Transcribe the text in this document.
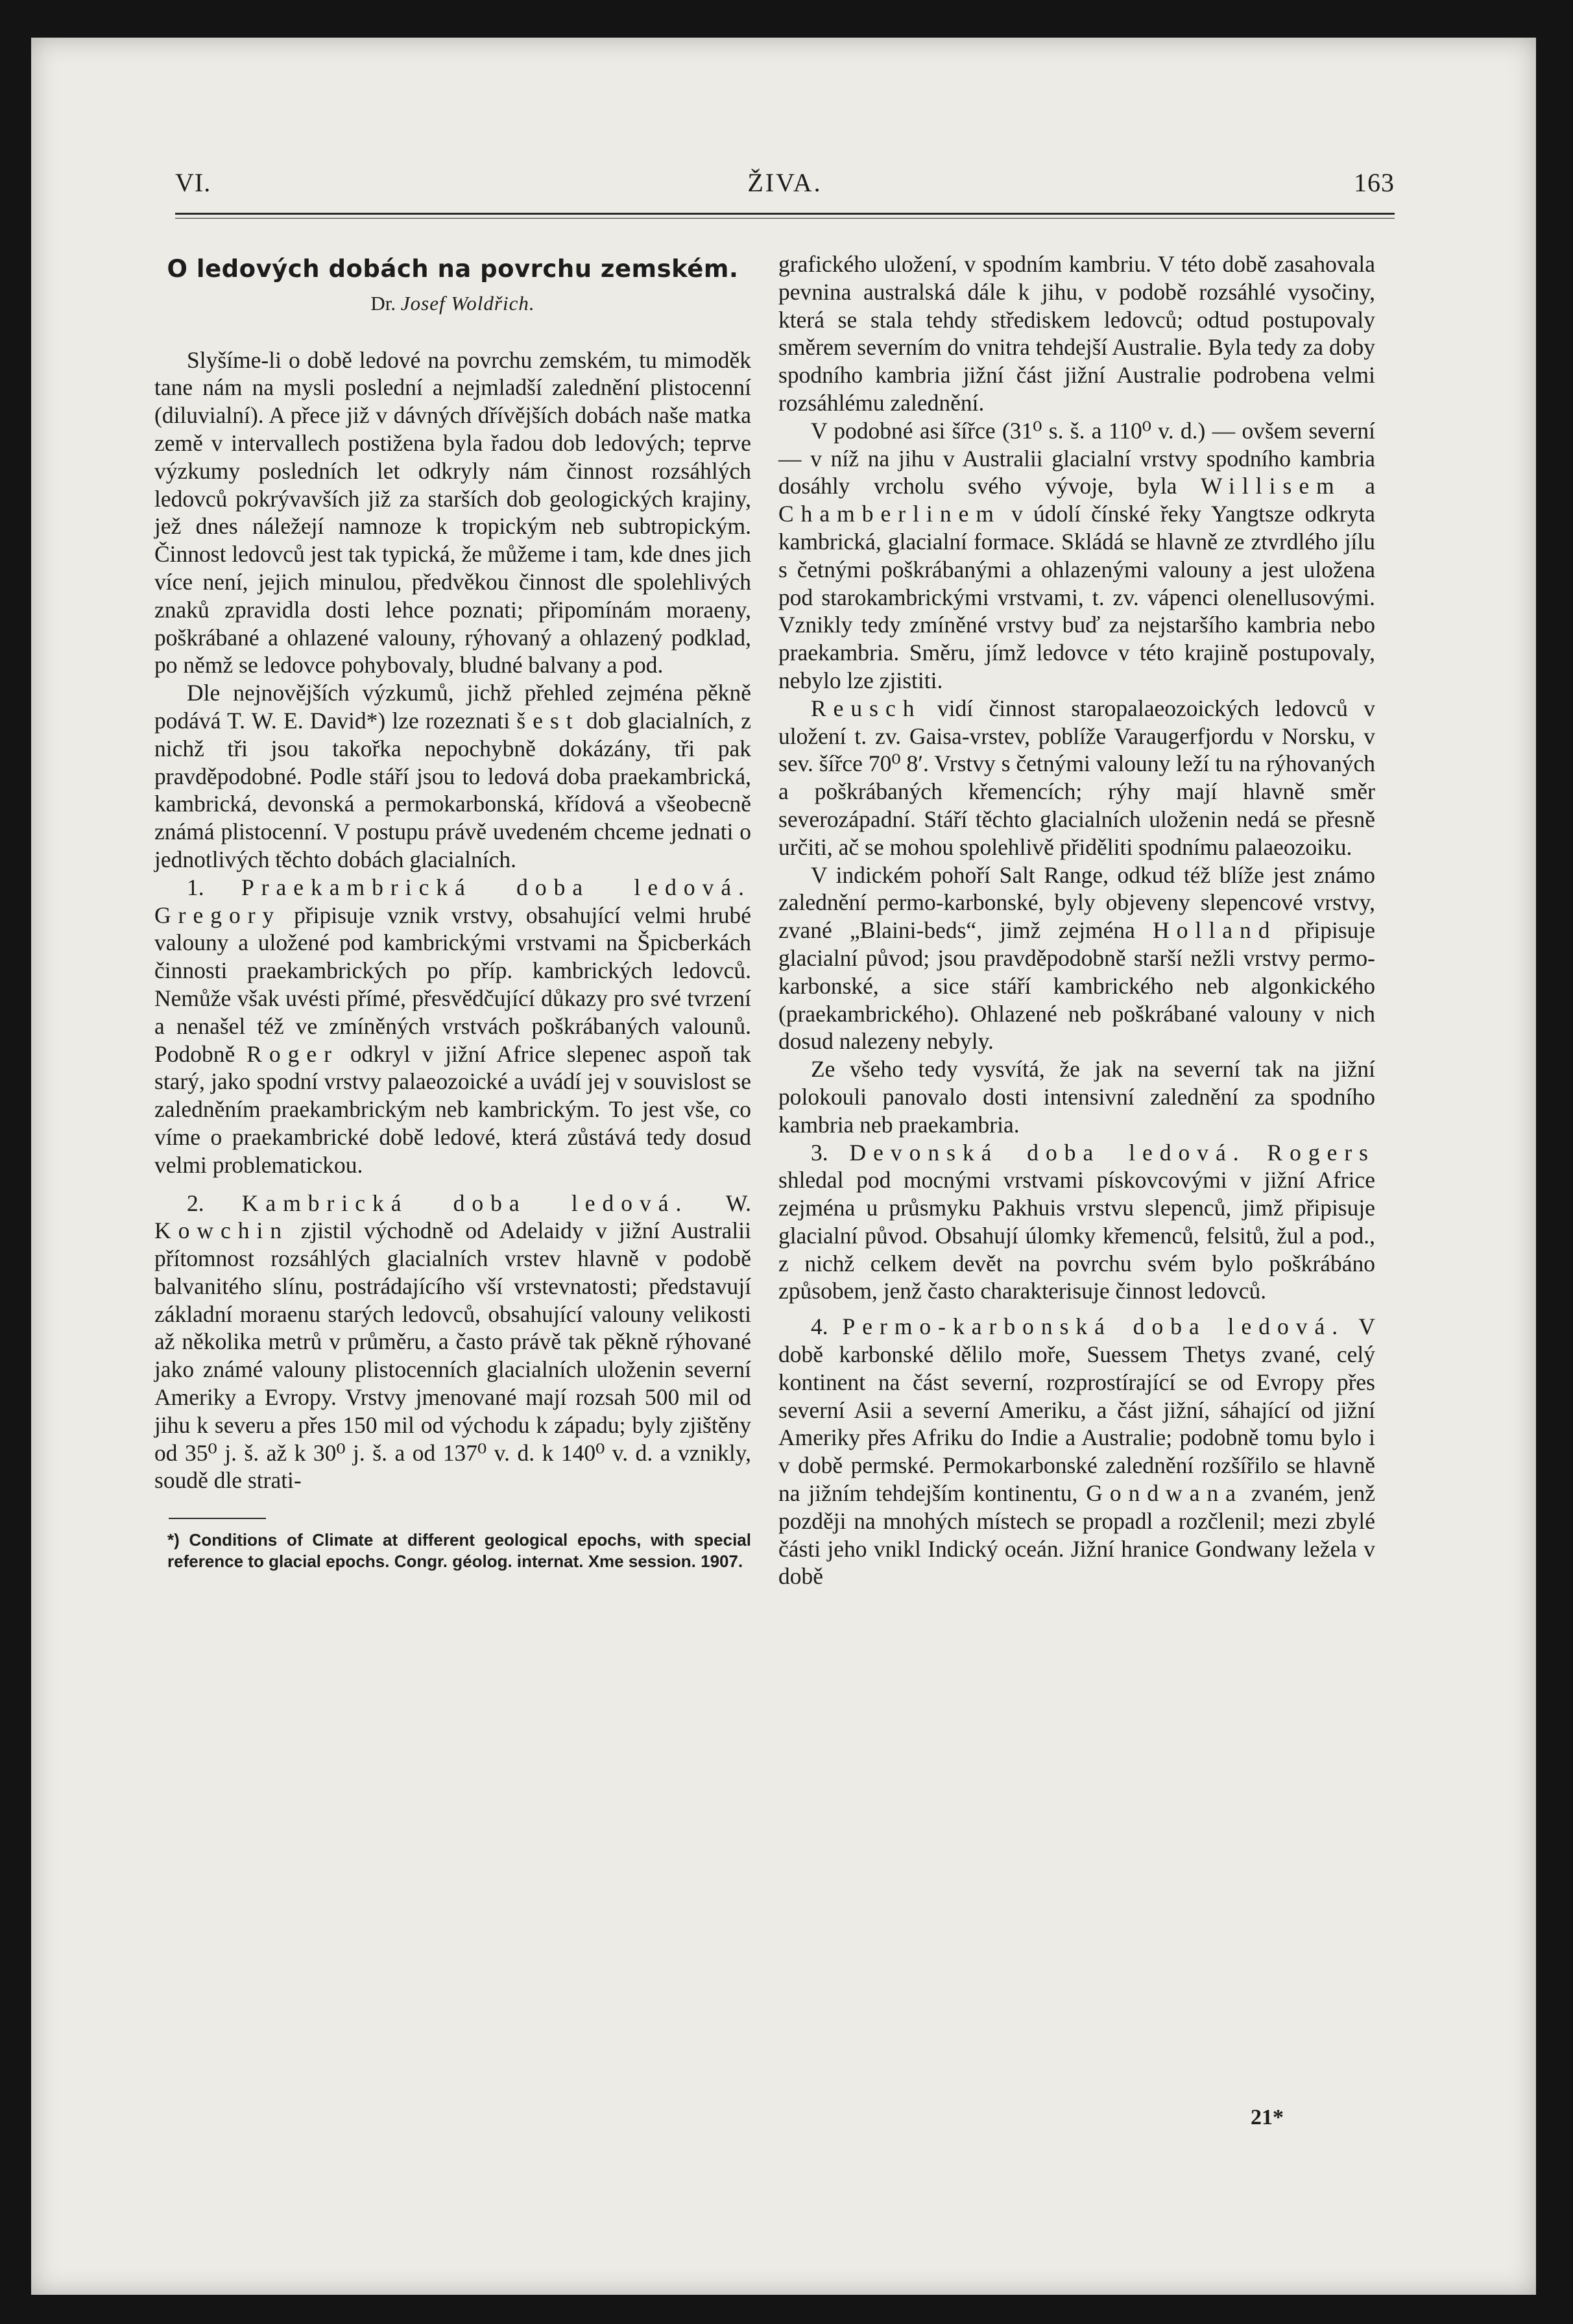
VI.	ŽIVA.	163
O ledových dobách na povrchu zemském.
Dr. Josef Woldřich.

Slyšíme-li o době ledové na povrchu zemském, tu mimoděk tane nám na mysli poslední a nejmladší zalednění plistocenní (diluvialní). A přece již v dávných dřívějších dobách naše matka země v intervallech postižena byla řadou dob ledových; teprve výzkumy posledních let odkryly nám činnost rozsáhlých ledovců pokrývavších již za starších dob geologických krajiny, jež dnes náležejí namnoze k tropickým neb subtropickým. Činnost ledovců jest tak typická, že můžeme i tam, kde dnes jich více není, jejich minulou, předvěkou činnost dle spolehlivých znaků zpravidla dosti lehce poznati; připomínám moraeny, poškrábané a ohlazené valouny, rýhovaný a ohlazený podklad, po němž se ledovce pohybovaly, bludné balvany a pod.

Dle nejnovějších výzkumů, jichž přehled zejména pěkně podává T. W. E. David*) lze rozeznati šest dob glacialních, z nichž tři jsou takořka nepochybně dokázány, tři pak pravděpodobné. Podle stáří jsou to ledová doba praekambrická, kambrická, devonská a permokarbonská, křídová a všeobecně známá plistocenní. V postupu právě uvedeném chceme jednati o jednotlivých těchto dobách glacialních.

1. Praekambrická doba ledová. Gregory připisuje vznik vrstvy, obsahující velmi hrubé valouny a uložené pod kambrickými vrstvami na Špicberkách činnosti praekambrických po příp. kambrických ledovců. Nemůže však uvésti přímé, přesvědčující důkazy pro své tvrzení a nenašel též ve zmíněných vrstvách poškrábaných valounů. Podobně Roger odkryl v jižní Africe slepenec aspoň tak starý, jako spodní vrstvy palaeozoické a uvádí jej v souvislost se zaledněním praekambrickým neb kambrickým. To jest vše, co víme o praekambrické době ledové, která zůstává tedy dosud velmi problematickou.

2. Kambrická doba ledová. W. Kowchin zjistil východně od Adelaidy v jižní Australii přítomnost rozsáhlých glacialních vrstev hlavně v podobě balvanitého slínu, postrádajícího vší vrstevnatosti; představují základní moraenu starých ledovců, obsahující valouny velikosti až několika metrů v průměru, a často právě tak pěkně rýhované jako známé valouny plistocenních glacialních uloženin severní Ameriky a Evropy. Vrstvy jmenované mají rozsah 500 mil od jihu k severu a přes 150 mil od východu k západu; byly zjištěny od 35⁰ j. š. až k 30⁰ j. š. a od 137⁰ v. d. k 140⁰ v. d. a vznikly, soudě dle strati-

*) Conditions of Climate at different geological epochs, with special reference to glacial epochs. Congr. géolog. internat. Xme session. 1907.

grafického uložení, v spodním kambriu. V této době zasahovala pevnina australská dále k jihu, v podobě rozsáhlé vysočiny, která se stala tehdy střediskem ledovců; odtud postupovaly směrem severním do vnitra tehdejší Australie. Byla tedy za doby spodního kambria jižní část jižní Australie podrobena velmi rozsáhlému zalednění.

V podobné asi šířce (31⁰ s. š. a 110⁰ v. d.) — ovšem severní — v níž na jihu v Australii glacialní vrstvy spodního kambria dosáhly vrcholu svého vývoje, byla Willisem a Chamberlinem v údolí čínské řeky Yangtsze odkryta kambrická, glacialní formace. Skládá se hlavně ze ztvrdlého jílu s četnými poškrábanými a ohlazenými valouny a jest uložena pod starokambrickými vrstvami, t. zv. vápenci olenellusovými. Vznikly tedy zmíněné vrstvy buď za nejstaršího kambria nebo praekambria. Směru, jímž ledovce v této krajině postupovaly, nebylo lze zjistiti.

Reusch vidí činnost staropalaeozoických ledovců v uložení t. zv. Gaisa-vrstev, poblíže Varaugerfjordu v Norsku, v sev. šířce 70⁰ 8′. Vrstvy s četnými valouny leží tu na rýhovaných a poškrábaných křemencích; rýhy mají hlavně směr severozápadní. Stáří těchto glacialních uloženin nedá se přesně určiti, ač se mohou spolehlivě přiděliti spodnímu palaeozoiku.

V indickém pohoří Salt Range, odkud též blíže jest známo zalednění permo-karbonské, byly objeveny slepencové vrstvy, zvané „Blaini-beds“, jimž zejména Holland připisuje glacialní původ; jsou pravděpodobně starší nežli vrstvy permo-karbonské, a sice stáří kambrického neb algonkického (praekambrického). Ohlazené neb poškrábané valouny v nich dosud nalezeny nebyly.

Ze všeho tedy vysvítá, že jak na severní tak na jižní polokouli panovalo dosti intensivní zalednění za spodního kambria neb praekambria.

3. Devonská doba ledová. Rogers shledal pod mocnými vrstvami pískovcovými v jižní Africe zejména u průsmyku Pakhuis vrstvu slepenců, jimž připisuje glacialní původ. Obsahují úlomky křemenců, felsitů, žul a pod., z nichž celkem devět na povrchu svém bylo poškrábáno způsobem, jenž často charakterisuje činnost ledovců.

4. Permo-karbonská doba ledová. V době karbonské dělilo moře, Suessem Thetys zvané, celý kontinent na část severní, rozprostírající se od Evropy přes severní Asii a severní Ameriku, a část jižní, sáhající od jižní Ameriky přes Afriku do Indie a Australie; podobně tomu bylo i v době permské. Permokarbonské zalednění rozšířilo se hlavně na jižním tehdejším kontinentu, Gondwana zvaném, jenž později na mnohých místech se propadl a rozčlenil; mezi zbylé části jeho vnikl Indický oceán. Jižní hranice Gondwany ležela v době

21*
